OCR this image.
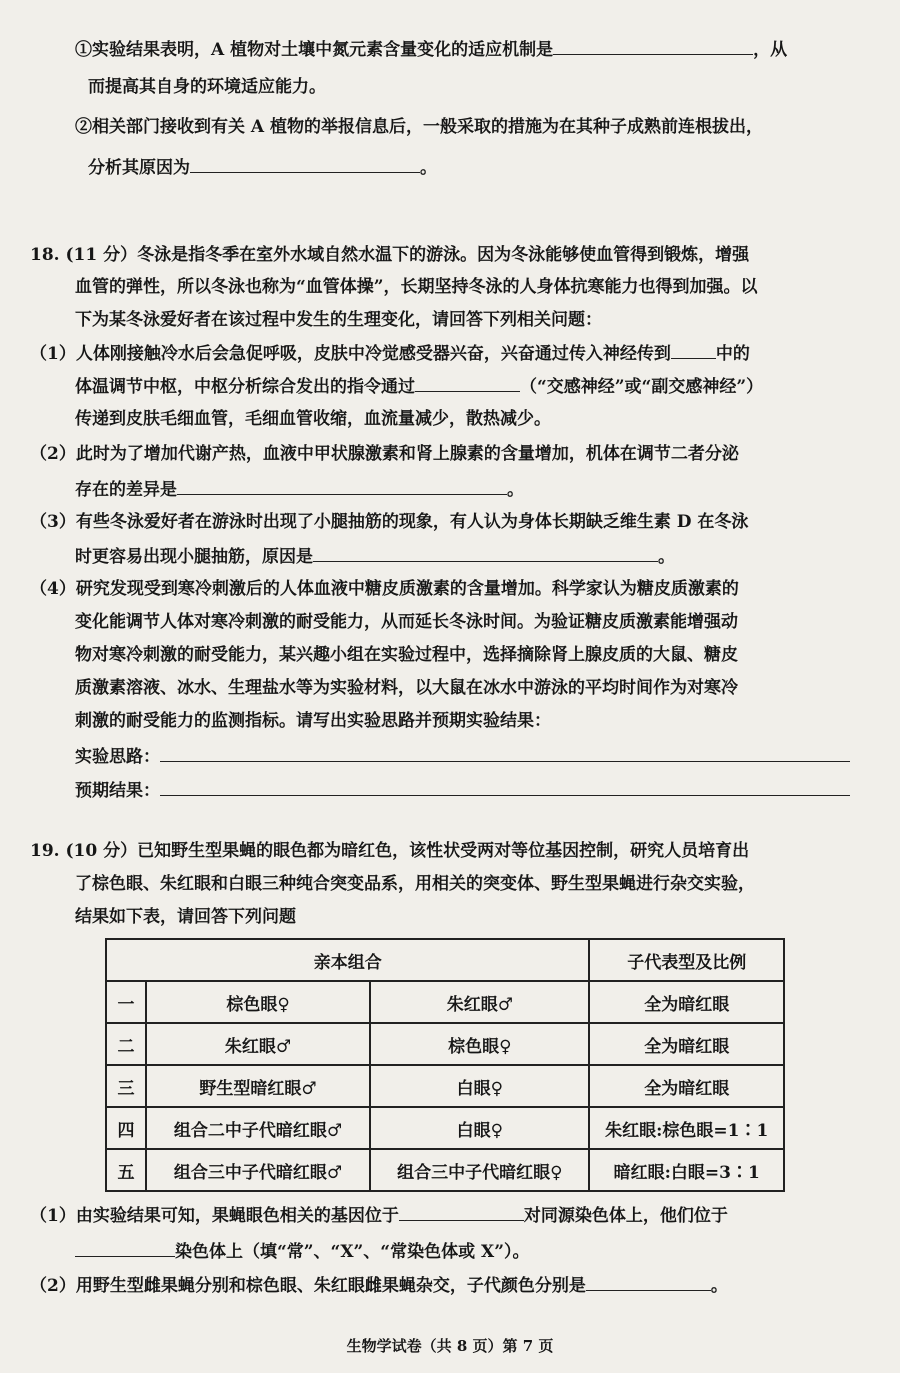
①实验结果表明，A 植物对土壤中氮元素含量变化的适应机制是	，从
而提高其自身的环境适应能力。
②相关部门接收到有关 A 植物的举报信息后，一般采取的措施为在其种子成熟前连根拔出，
分析其原因为	。
18. (11 分）冬泳是指冬季在室外水域自然水温下的游泳。因为冬泳能够使血管得到锻炼，增强
血管的弹性，所以冬泳也称为“血管体操”，长期坚持冬泳的人身体抗寒能力也得到加强。以
下为某冬泳爱好者在该过程中发生的生理变化，请回答下列相关问题：
（1）人体刚接触冷水后会急促呼吸，皮肤中冷觉感受器兴奋，兴奋通过传入神经传到	中的
体温调节中枢，中枢分析综合发出的指令通过	（“交感神经”或“副交感神经”）
传递到皮肤毛细血管，毛细血管收缩，血流量减少，散热减少。
（2）此时为了增加代谢产热，血液中甲状腺激素和肾上腺素的含量增加，机体在调节二者分泌
存在的差异是	。
（3）有些冬泳爱好者在游泳时出现了小腿抽筋的现象，有人认为身体长期缺乏维生素 D 在冬泳
时更容易出现小腿抽筋，原因是	。
（4）研究发现受到寒冷刺激后的人体血液中糖皮质激素的含量增加。科学家认为糖皮质激素的
变化能调节人体对寒冷刺激的耐受能力，从而延长冬泳时间。为验证糖皮质激素能增强动
物对寒冷刺激的耐受能力，某兴趣小组在实验过程中，选择摘除肾上腺皮质的大鼠、糖皮
质激素溶液、冰水、生理盐水等为实验材料，以大鼠在冰水中游泳的平均时间作为对寒冷
刺激的耐受能力的监测指标。请写出实验思路并预期实验结果：
实验思路：
预期结果：
19. (10 分）已知野生型果蝇的眼色都为暗红色，该性状受两对等位基因控制，研究人员培育出
了棕色眼、朱红眼和白眼三种纯合突变品系，用相关的突变体、野生型果蝇进行杂交实验，
结果如下表，请回答下列问题
亲本组合			子代表型及比例
一	棕色眼♀	朱红眼♂	全为暗红眼
二	朱红眼♂	棕色眼♀	全为暗红眼
三	野生型暗红眼♂	白眼♀	全为暗红眼
四	组合二中子代暗红眼♂	白眼♀	朱红眼:棕色眼=1∶1
五	组合三中子代暗红眼♂	组合三中子代暗红眼♀	暗红眼:白眼=3∶1
（1）由实验结果可知，果蝇眼色相关的基因位于	对同源染色体上，他们位于
染色体上（填“常”、“X”、“常染色体或 X”）。
（2）用野生型雌果蝇分别和棕色眼、朱红眼雌果蝇杂交，子代颜色分别是	。
生物学试卷（共 8 页）第 7 页
